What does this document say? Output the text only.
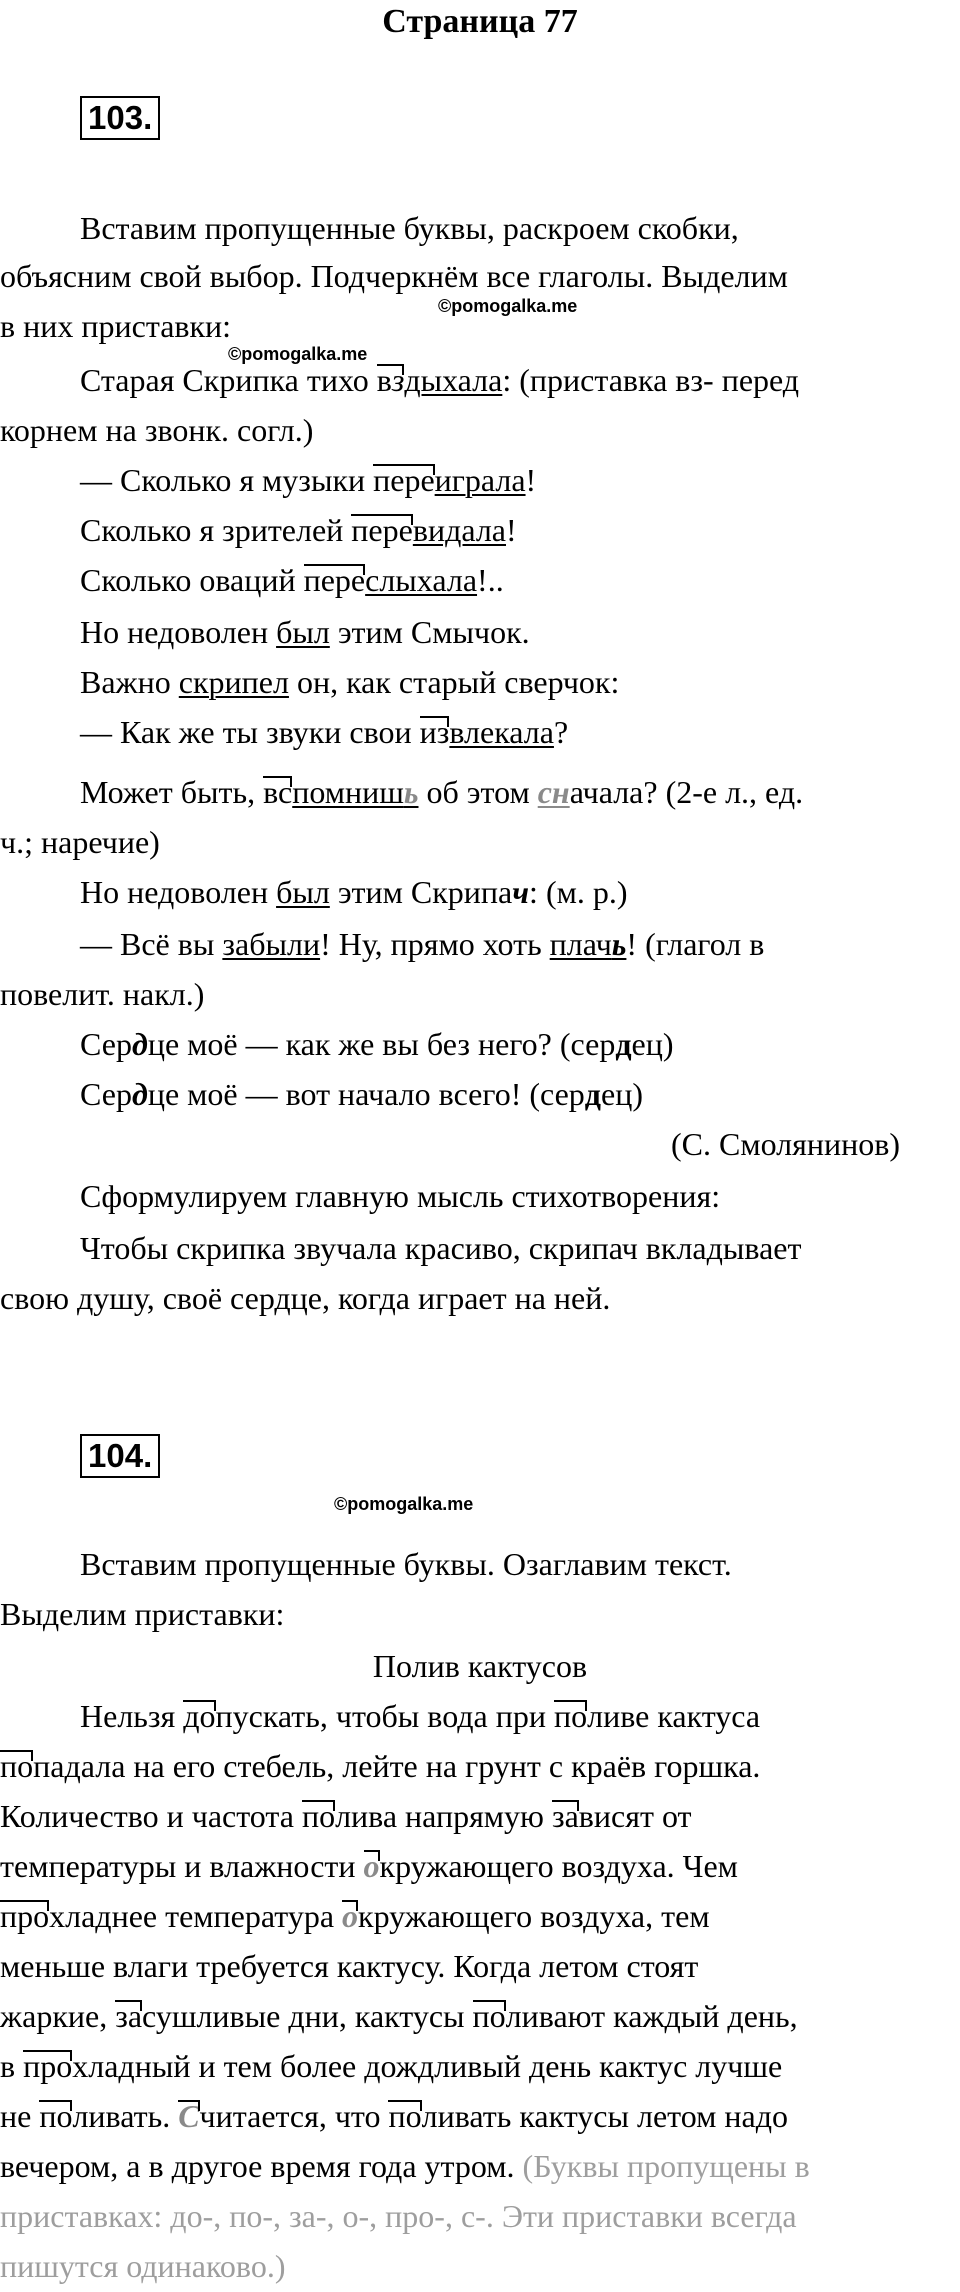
Страница 77
103.
Вставим пропущенные буквы, раскроем скобки,
объясним свой выбор. Подчеркнём все глаголы. Выделим
в них приставки:
©pomogalka.me
©pomogalka.me
Старая Скрипка тихо вздыхала: (приставка вз- перед
корнем на звонк. согл.)
— Сколько я музыки переиграла!
Сколько я зрителей перевидала!
Сколько оваций переслыхала!..
Но недоволен был этим Смычок.
Важно скрипел он, как старый сверчок:
— Как же ты звуки свои извлекала?
Может быть, вспомнишь об этом сначала? (2-е л., ед.
ч.; наречие)
Но недоволен был этим Скрипач: (м. р.)
— Всё вы забыли! Ну, прямо хоть плачь! (глагол в
повелит. накл.)
Сердце моё — как же вы без него? (сердец)
Сердце моё — вот начало всего! (сердец)
(С. Смолянинов)
Сформулируем главную мысль стихотворения:
Чтобы скрипка звучала красиво, скрипач вкладывает
свою душу, своё сердце, когда играет на ней.
104.
©pomogalka.me
Вставим пропущенные буквы. Озаглавим текст.
Выделим приставки:
Полив кактусов
Нельзя допускать, чтобы вода при поливе кактуса
попадала на его стебель, лейте на грунт с краёв горшка.
Количество и частота полива напрямую зависят от
температуры и влажности окружающего воздуха. Чем
прохладнее температура окружающего воздуха, тем
меньше влаги требуется кактусу. Когда летом стоят
жаркие, засушливые дни, кактусы поливают каждый день,
в прохладный и тем более дождливый день кактус лучше
не поливать. Считается, что поливать кактусы летом надо
вечером, а в другое время года утром. (Буквы пропущены в
приставках: до-, по-, за-, о-, про-, с-. Эти приставки всегда
пишутся одинаково.)
